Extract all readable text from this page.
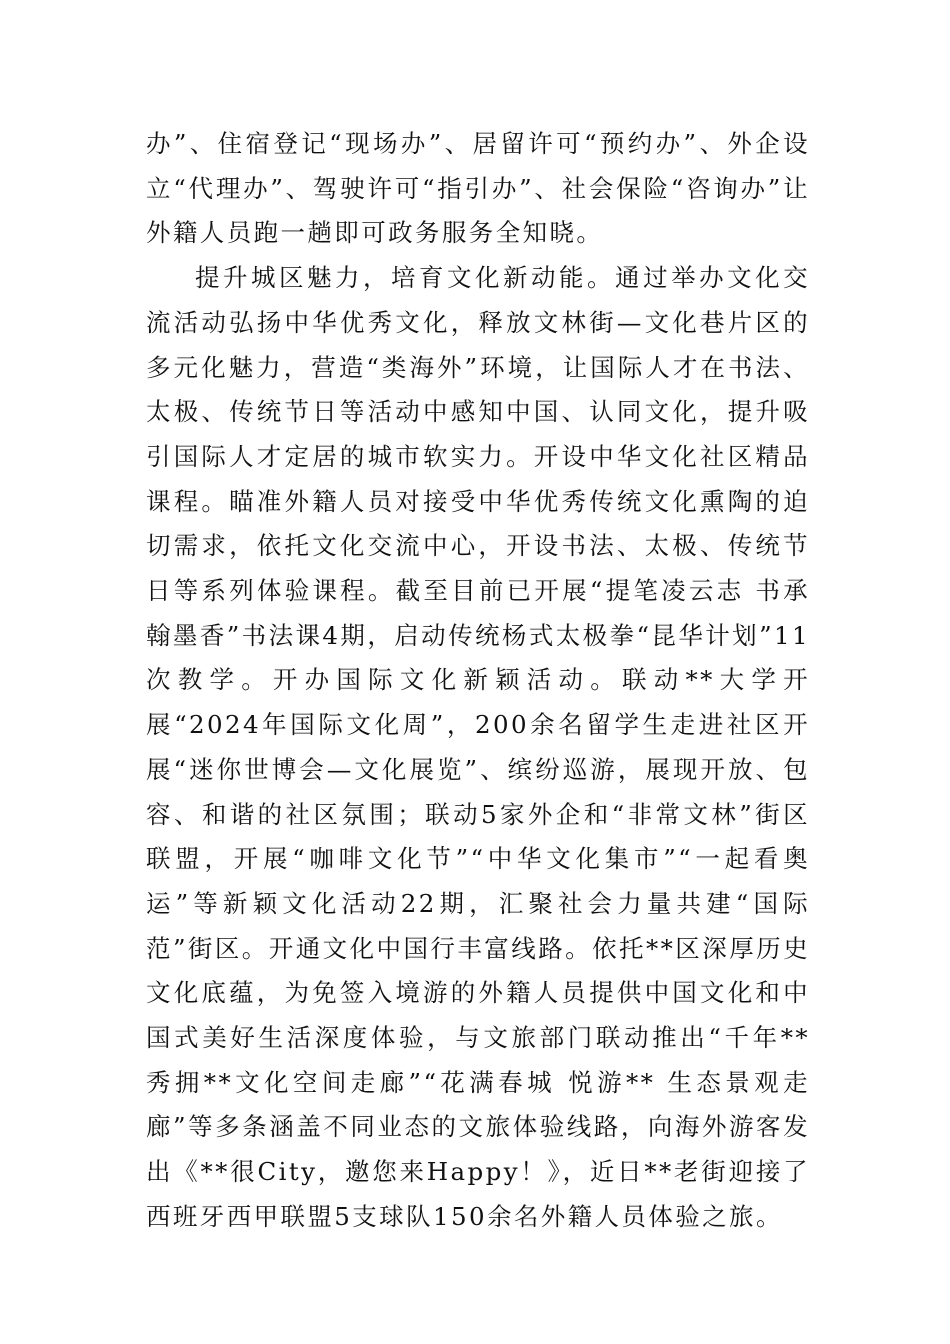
办”、住宿登记“现场办”、居留许可“预约办”、外企设立“代理办”、驾驶许可“指引办”、社会保险“咨询办”让外籍人员跑一趟即可政务服务全知晓。

提升城区魅力，培育文化新动能。通过举办文化交流活动弘扬中华优秀文化，释放文林街—文化巷片区的多元化魅力，营造“类海外”环境，让国际人才在书法、太极、传统节日等活动中感知中国、认同文化，提升吸引国际人才定居的城市软实力。开设中华文化社区精品课程。瞄准外籍人员对接受中华优秀传统文化熏陶的迫切需求，依托文化交流中心，开设书法、太极、传统节日等系列体验课程。截至目前已开展“提笔凌云志 书承翰墨香”书法课4期，启动传统杨式太极拳“昆华计划”11次教学。开办国际文化新颖活动。联动**大学开展“2024年国际文化周”，200余名留学生走进社区开展“迷你世博会—文化展览”、缤纷巡游，展现开放、包容、和谐的社区氛围；联动5家外企和“非常文林”街区联盟，开展“咖啡文化节”“中华文化集市”“一起看奥运”等新颖文化活动22期，汇聚社会力量共建“国际范”街区。开通文化中国行丰富线路。依托**区深厚历史文化底蕴，为免签入境游的外籍人员提供中国文化和中国式美好生活深度体验，与文旅部门联动推出“千年** 秀拥**文化空间走廊”“花满春城 悦游** 生态景观走廊”等多条涵盖不同业态的文旅体验线路，向海外游客发出《**很City，邀您来Happy！》，近日**老街迎接了西班牙西甲联盟5支球队150余名外籍人员体验之旅。
